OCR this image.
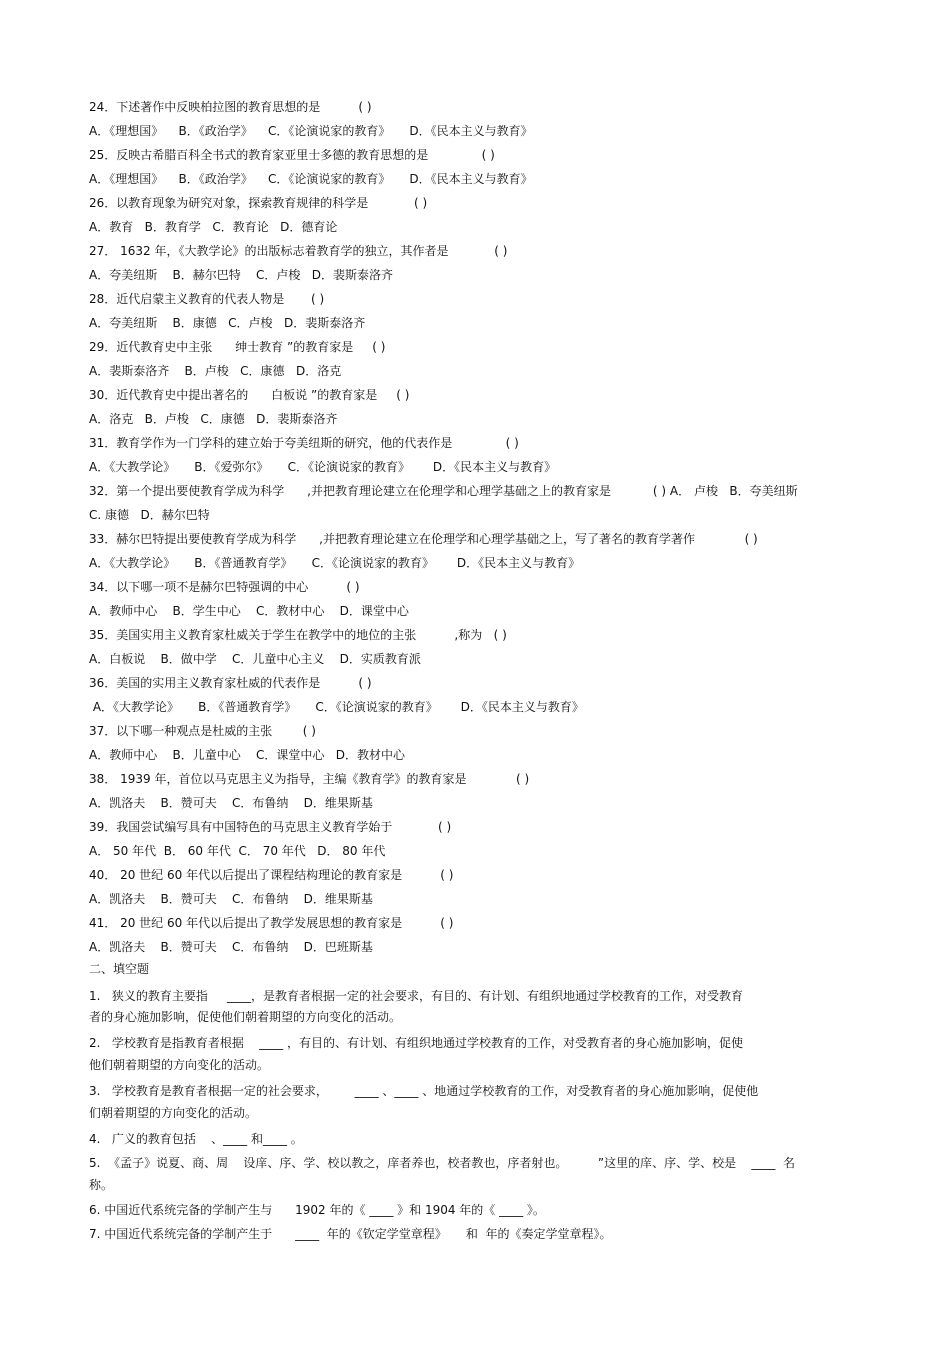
24．下述著作中反映柏拉图的教育思想的是          ( )
A．《理想国》    B．《政治学》    C．《论演说家的教育》     D．《民本主义与教育》
25．反映古希腊百科全书式的教育家亚里士多德的教育思想的是              ( )
A．《理想国》    B．《政治学》    C．《论演说家的教育》     D．《民本主义与教育》
26．以教育现象为研究对象，探索教育规律的科学是            ( )
A．教育   B．教育学   C．教育论   D．德育论
27． 1632 年，《大教学论》的出版标志着教育学的独立，其作者是            ( )
A．夸美纽斯    B．赫尔巴特    C．卢梭   D．裴斯泰洛齐
28．近代启蒙主义教育的代表人物是       ( )
A．夸美纽斯    B．康德   C．卢梭   D．裴斯泰洛齐
29．近代教育史中主张      绅士教育 ”的教育家是     ( )
A．裴斯泰洛齐    B．卢梭   C．康德   D．洛克
30．近代教育史中提出著名的      白板说 ”的教育家是     ( )
A．洛克   B．卢梭   C．康德   D．裴斯泰洛齐
31．教育学作为一门学科的建立始于夸美纽斯的研究，他的代表作是              ( )
A．《大教学论》     B．《爱弥尔》     C．《论演说家的教育》      D．《民本主义与教育》
32．第一个提出要使教育学成为科学      ,并把教育理论建立在伦理学和心理学基础之上的教育家是           ( ) A． 卢梭   B．夸美纽斯
C. 康德   D．赫尔巴特
33．赫尔巴特提出要使教育学成为科学      ,并把教育理论建立在伦理学和心理学基础之上，写了著名的教育学著作             ( )
A．《大教学论》     B．《普通教育学》     C．《论演说家的教育》      D．《民本主义与教育》
34．以下哪一项不是赫尔巴特强调的中心          ( )
A．教师中心    B．学生中心    C．教材中心    D．课堂中心
35．美国实用主义教育家杜威关于学生在教学中的地位的主张          ,称为   ( )
A．白板说    B．做中学    C．儿童中心主义    D．实质教育派
36．美国的实用主义教育家杜威的代表作是          ( )
A．《大教学论》     B．《普通教育学》     C．《论演说家的教育》      D．《民本主义与教育》
37．以下哪一种观点是杜威的主张        ( )
A．教师中心    B．儿童中心    C．课堂中心   D．教材中心
38． 1939 年，首位以马克思主义为指导，主编《教育学》的教育家是             ( )
A．凯洛夫    B．赞可夫    C．布鲁纳    D．维果斯基
39．我国尝试编写具有中国特色的马克思主义教育学始于            ( )
A． 50 年代  B． 60 年代  C． 70 年代   D． 80 年代
40． 20 世纪 60 年代以后提出了课程结构理论的教育家是          ( )
A．凯洛夫    B．赞可夫    C．布鲁纳    D．维果斯基
41． 20 世纪 60 年代以后提出了教学发展思想的教育家是          ( )
A．凯洛夫    B．赞可夫    C．布鲁纳    D．巴班斯基
二、填空题
1.   狭义的教育主要指     ____，是教育者根据一定的社会要求，有目的、有计划、有组织地通过学校教育的工作，对受教育
者的身心施加影响，促使他们朝着期望的方向变化的活动。
2.   学校教育是指教育者根据    ____ ，有目的、有计划、有组织地通过学校教育的工作，对受教育者的身心施加影响，促使
他们朝着期望的方向变化的活动。
3.   学校教育是教育者根据一定的社会要求，       ____ 、____ 、地通过学校教育的工作，对受教育者的身心施加影响，促使他
们朝着期望的方向变化的活动。
4.   广义的教育包括    、____ 和____ 。
5.  《孟子》说夏、商、周    设庠、序、学、校以教之，庠者养也，校者教也，序者射也。        ”这里的庠、序、学、校是    ____  名
称。
6. 中国近代系统完备的学制产生与      1902 年的《 ____ 》和 1904 年的《 ____ 》。
7. 中国近代系统完备的学制产生于      ____  年的《钦定学堂章程》     和  年的《奏定学堂章程》。
